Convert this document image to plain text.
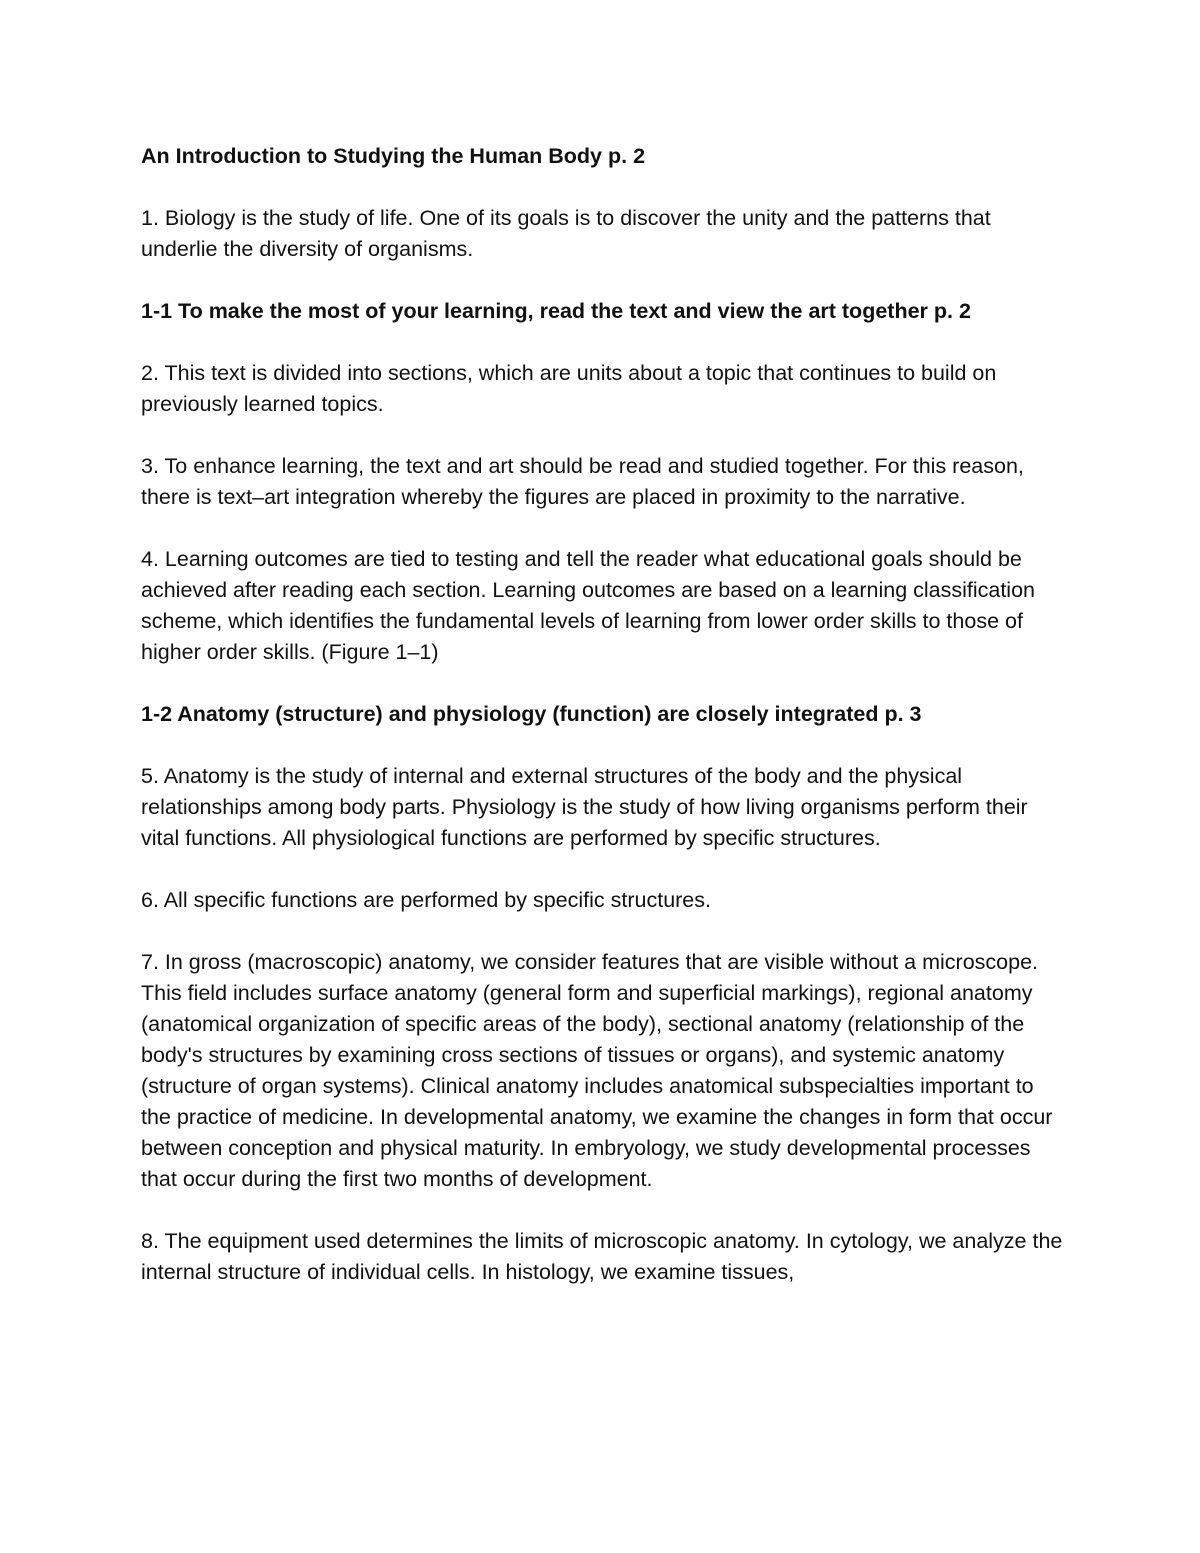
An Introduction to Studying the Human Body p. 2

1. Biology is the study of life. One of its goals is to discover the unity and the patterns that underlie the diversity of organisms.

1-1 To make the most of your learning, read the text and view the art together p. 2

2. This text is divided into sections, which are units about a topic that continues to build on previously learned topics.

3. To enhance learning, the text and art should be read and studied together. For this reason, there is text–art integration whereby the figures are placed in proximity to the narrative.

4. Learning outcomes are tied to testing and tell the reader what educational goals should be achieved after reading each section. Learning outcomes are based on a learning classification scheme, which identifies the fundamental levels of learning from lower order skills to those of higher order skills. (Figure 1–1)

1-2 Anatomy (structure) and physiology (function) are closely integrated p. 3

5. Anatomy is the study of internal and external structures of the body and the physical relationships among body parts. Physiology is the study of how living organisms perform their vital functions. All physiological functions are performed by specific structures.

6. All specific functions are performed by specific structures.

7. In gross (macroscopic) anatomy, we consider features that are visible without a microscope. This field includes surface anatomy (general form and superficial markings), regional anatomy (anatomical organization of specific areas of the body), sectional anatomy (relationship of the body's structures by examining cross sections of tissues or organs), and systemic anatomy (structure of organ systems). Clinical anatomy includes anatomical subspecialties important to the practice of medicine. In developmental anatomy, we examine the changes in form that occur between conception and physical maturity. In embryology, we study developmental processes that occur during the first two months of development.

8. The equipment used determines the limits of microscopic anatomy. In cytology, we analyze the internal structure of individual cells. In histology, we examine tissues,
